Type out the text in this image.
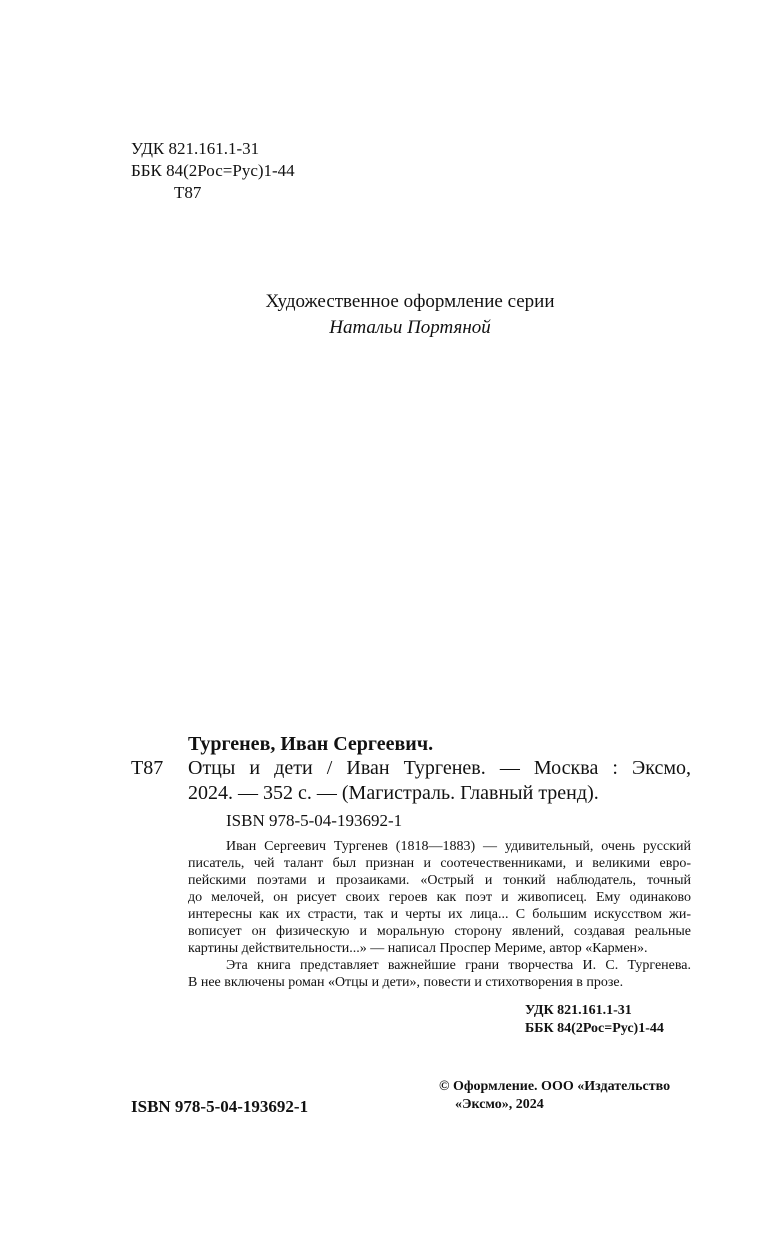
УДК 821.161.1-31
ББК 84(2Рос=Рус)1-44
Т87
Художественное оформление серии
Натальи Портяной
Тургенев, Иван Сергеевич.
Т87 Отцы и дети / Иван Тургенев. — Москва : Эксмо,
2024. — 352 с. — (Магистраль. Главный тренд).
ISBN 978-5-04-193692-1
Иван Сергеевич Тургенев (1818—1883) — удивительный, очень русский
писатель, чей талант был признан и соотечественниками, и великими евро-
пейскими поэтами и прозаиками. «Острый и тонкий наблюдатель, точный
до мелочей, он рисует своих героев как поэт и живописец. Ему одинаково
интересны как их страсти, так и черты их лица... С большим искусством жи-
вописует он физическую и моральную сторону явлений, создавая реальные
картины действительности...» — написал Проспер Мериме, автор «Кармен».
Эта книга представляет важнейшие грани творчества И. С. Тургенева.
В нее включены роман «Отцы и дети», повести и стихотворения в прозе.
УДК 821.161.1-31
ББК 84(2Рос=Рус)1-44
ISBN 978-5-04-193692-1
© Оформление. ООО «Издательство
«Эксмо», 2024
